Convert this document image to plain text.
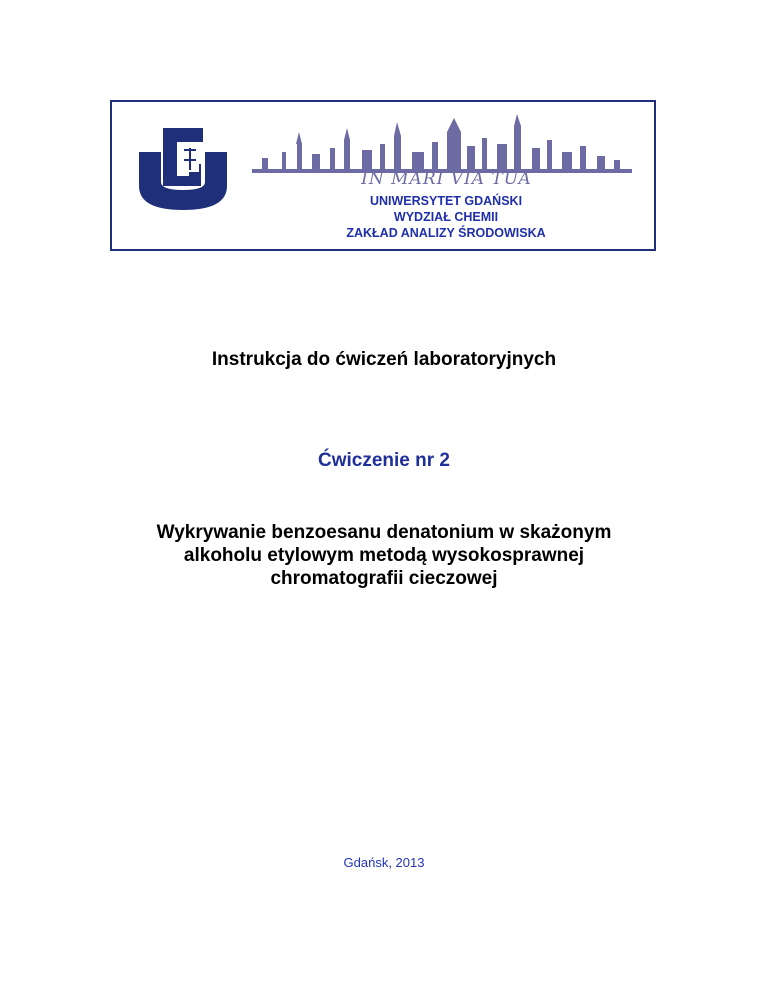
IN MARI VIA TUA
UNIWERSYTET GDAŃSKI
WYDZIAŁ CHEMII
ZAKŁAD ANALIZY ŚRODOWISKA
Instrukcja do ćwiczeń laboratoryjnych
Ćwiczenie nr 2
Wykrywanie benzoesanu denatonium w skażonym
alkoholu etylowym metodą wysokosprawnej
chromatografii cieczowej
Gdańsk, 2013
